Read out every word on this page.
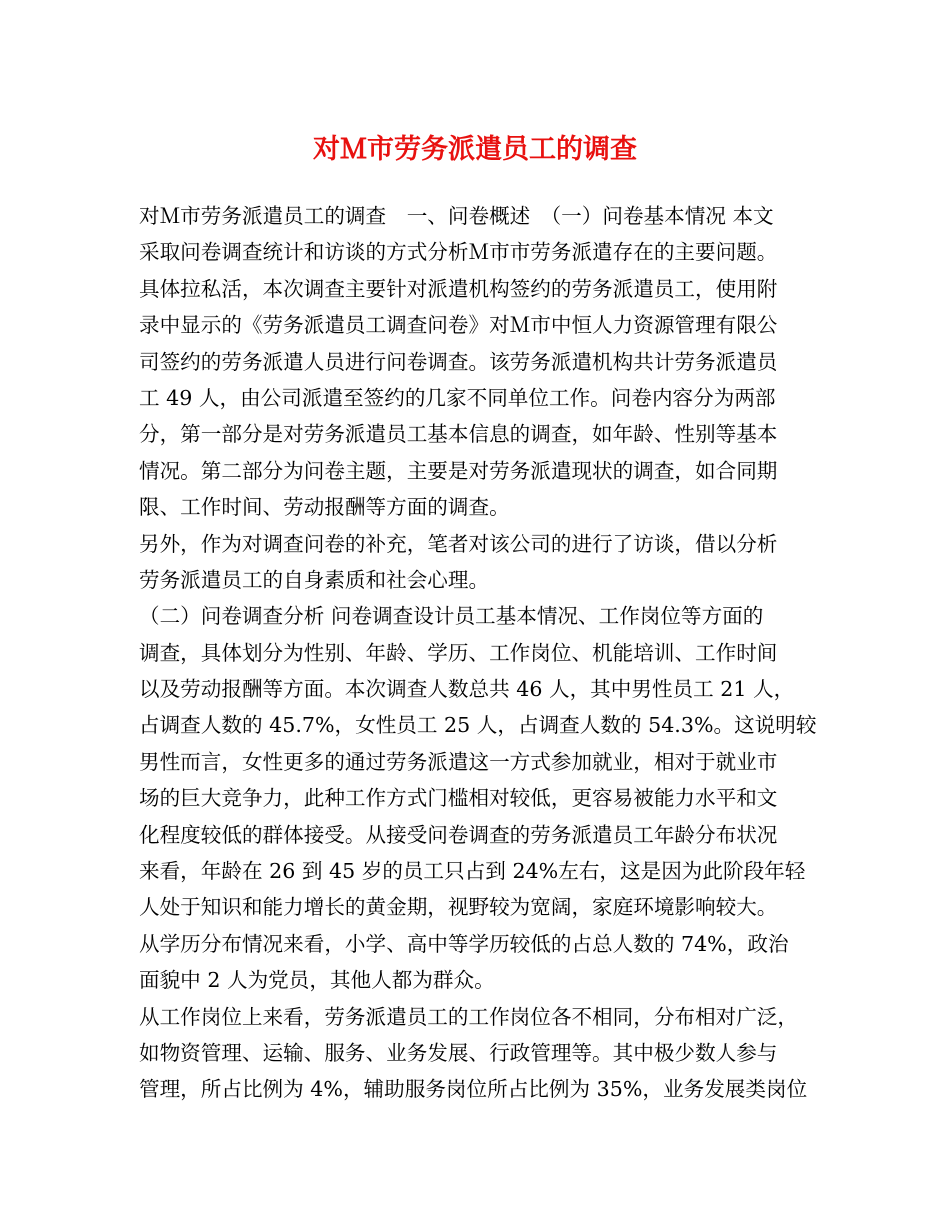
对Ｍ市劳务派遣员工的调查
对Ｍ市劳务派遣员工的调查　一、问卷概述　（一）问卷基本情况 本文
采取问卷调查统计和访谈的方式分析Ｍ市市劳务派遣存在的主要问题。
具体拉私活，本次调查主要针对派遣机构签约的劳务派遣员工，使用附
录中显示的《劳务派遣员工调查问卷》对Ｍ市中恒人力资源管理有限公
司签约的劳务派遣人员进行问卷调查。该劳务派遣机构共计劳务派遣员
工 49 人，由公司派遣至签约的几家不同单位工作。问卷内容分为两部
分，第一部分是对劳务派遣员工基本信息的调查，如年龄、性别等基本
情况。第二部分为问卷主题，主要是对劳务派遣现状的调查，如合同期
限、工作时间、劳动报酬等方面的调查。
另外，作为对调查问卷的补充，笔者对该公司的进行了访谈，借以分析
劳务派遣员工的自身素质和社会心理。
（二）问卷调查分析 问卷调查设计员工基本情况、工作岗位等方面的
调查，具体划分为性别、年龄、学历、工作岗位、机能培训、工作时间
以及劳动报酬等方面。本次调查人数总共 46 人，其中男性员工 21 人，
占调查人数的 45.7%，女性员工 25 人，占调查人数的 54.3%。这说明较
男性而言，女性更多的通过劳务派遣这一方式参加就业，相对于就业市
场的巨大竞争力，此种工作方式门槛相对较低，更容易被能力水平和文
化程度较低的群体接受。从接受问卷调查的劳务派遣员工年龄分布状况
来看，年龄在 26 到 45 岁的员工只占到 24%左右，这是因为此阶段年轻
人处于知识和能力增长的黄金期，视野较为宽阔，家庭环境影响较大。
从学历分布情况来看，小学、高中等学历较低的占总人数的 74%，政治
面貌中 2 人为党员，其他人都为群众。
从工作岗位上来看，劳务派遣员工的工作岗位各不相同，分布相对广泛，
如物资管理、运输、服务、业务发展、行政管理等。其中极少数人参与
管理，所占比例为 4%，辅助服务岗位所占比例为 35%，业务发展类岗位
